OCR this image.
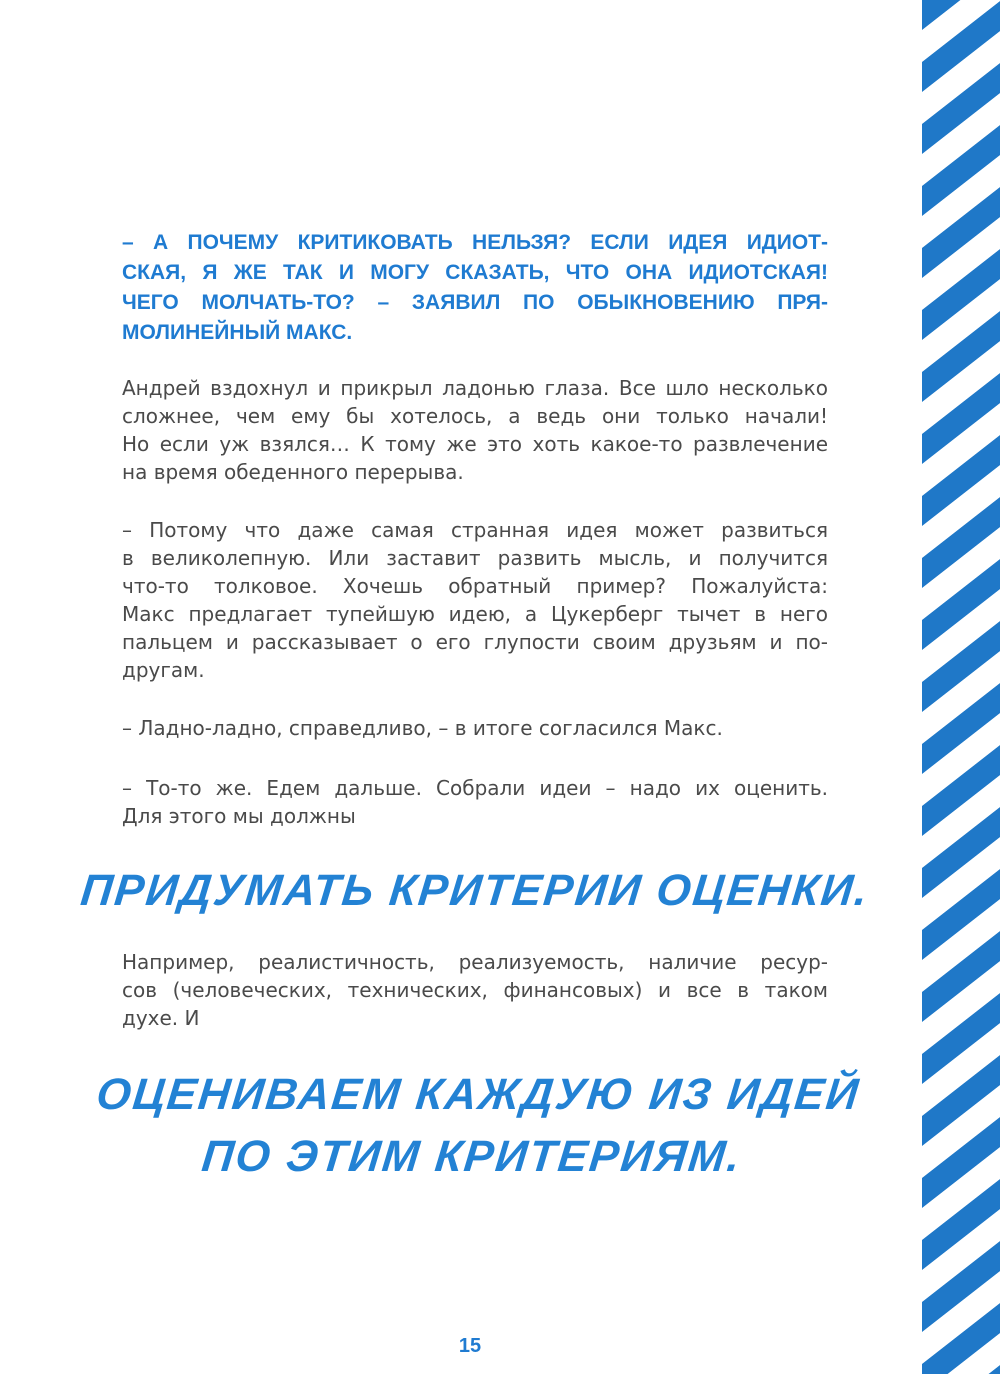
– А ПОЧЕМУ КРИТИКОВАТЬ НЕЛЬЗЯ? ЕСЛИ ИДЕЯ ИДИОТ-
СКАЯ, Я ЖЕ ТАК И МОГУ СКАЗАТЬ, ЧТО ОНА ИДИОТСКАЯ!
ЧЕГО МОЛЧАТЬ-ТО? – ЗАЯВИЛ ПО ОБЫКНОВЕНИЮ ПРЯ-
МОЛИНЕЙНЫЙ МАКС.

Андрей вздохнул и прикрыл ладонью глаза. Все шло несколько
сложнее, чем ему бы хотелось, а ведь они только начали!
Но если уж взялся… К тому же это хоть какое-то развлечение
на время обеденного перерыва.

– Потому что даже самая странная идея может развиться
в великолепную. Или заставит развить мысль, и получится
что-то толковое. Хочешь обратный пример? Пожалуйста:
Макс предлагает тупейшую идею, а Цукерберг тычет в него
пальцем и рассказывает о его глупости своим друзьям и по-
другам.

– Ладно-ладно, справедливо, – в итоге согласился Макс.

– То-то же. Едем дальше. Собрали идеи – надо их оценить.
Для этого мы должны

ПРИДУМАТЬ КРИТЕРИИ ОЦЕНКИ.

Например, реалистичность, реализуемость, наличие ресур-
сов (человеческих, технических, финансовых) и все в таком
духе. И

ОЦЕНИВАЕМ КАЖДУЮ ИЗ ИДЕЙ
ПО ЭТИМ КРИТЕРИЯМ.

15
